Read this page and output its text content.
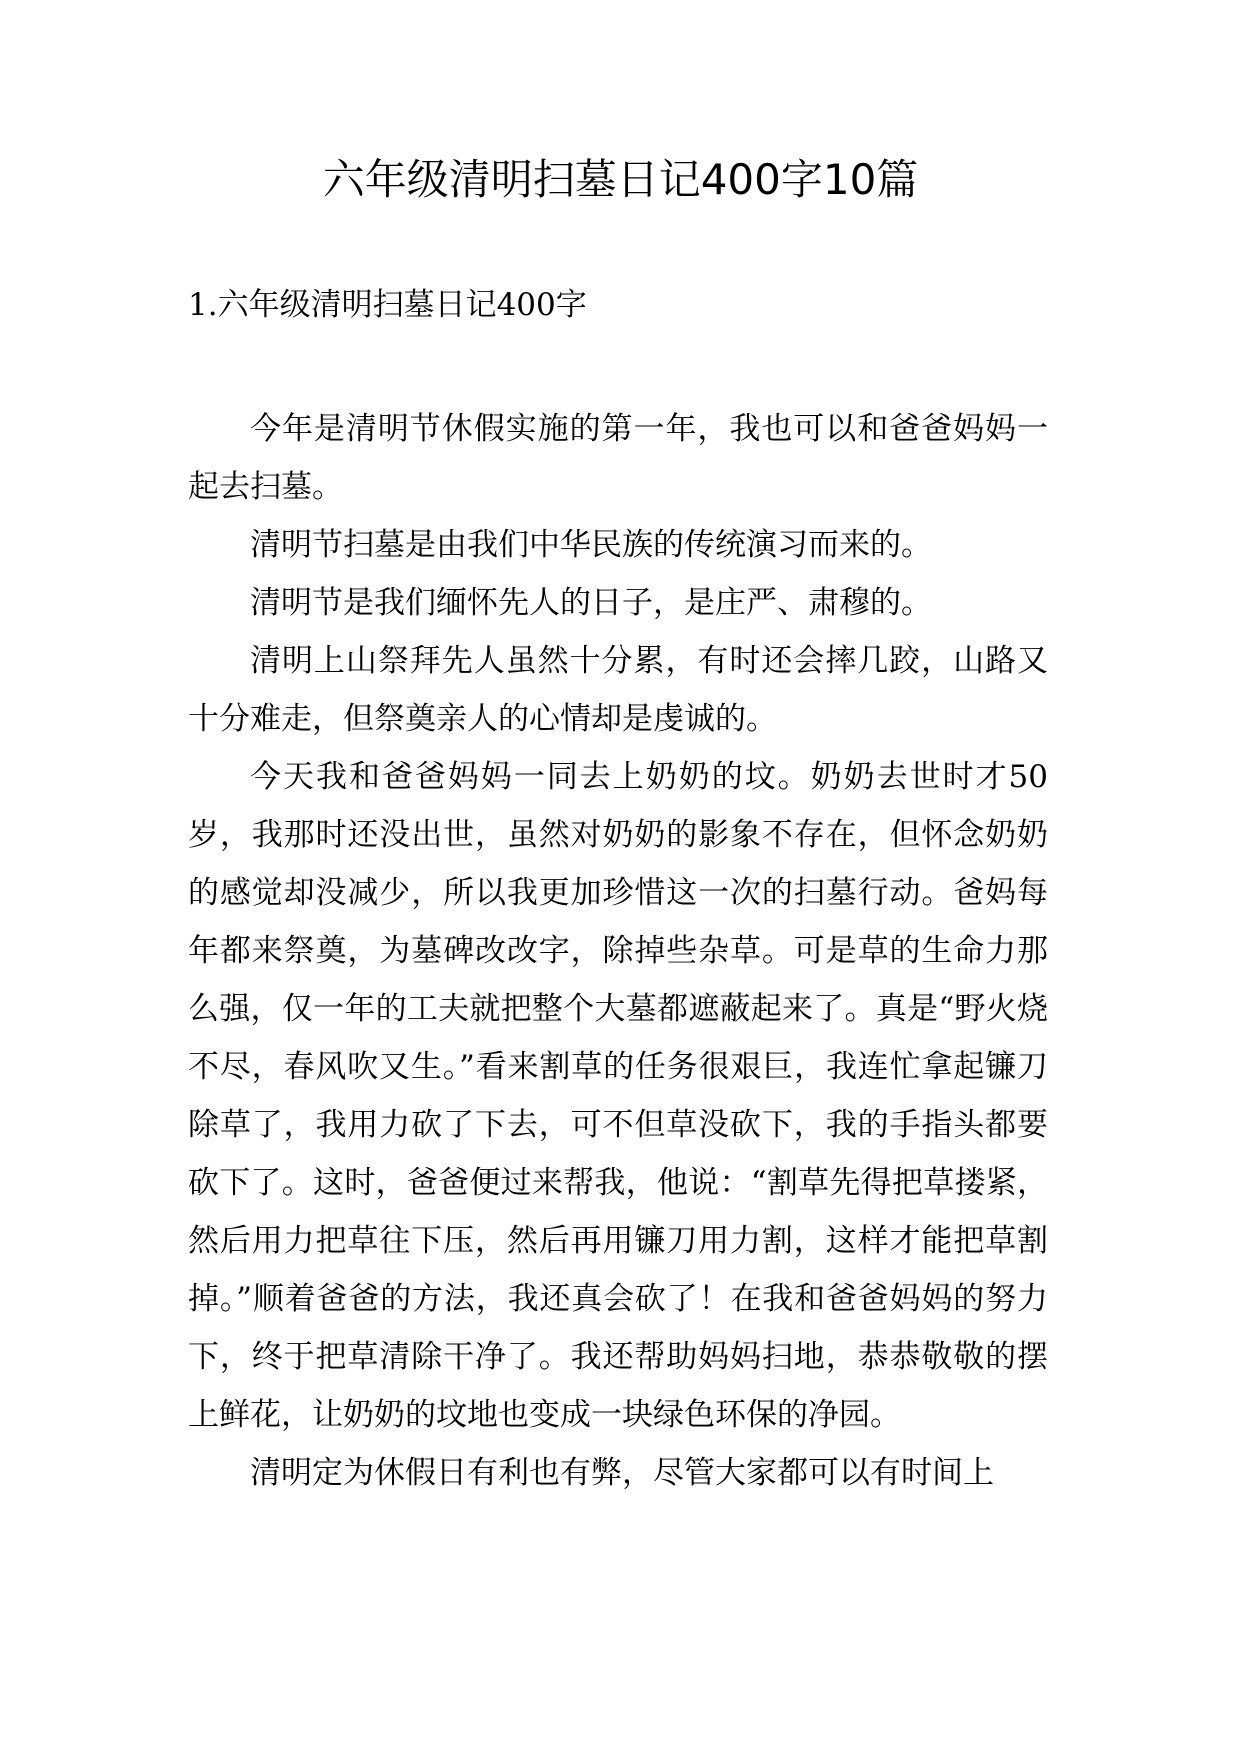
六年级清明扫墓日记400字10篇
1.六年级清明扫墓日记400字

今年是清明节休假实施的第一年，我也可以和爸爸妈妈一起去扫墓。

清明节扫墓是由我们中华民族的传统演习而来的。

清明节是我们缅怀先人的日子，是庄严、肃穆的。

清明上山祭拜先人虽然十分累，有时还会摔几跤，山路又十分难走，但祭奠亲人的心情却是虔诚的。

今天我和爸爸妈妈一同去上奶奶的坟。奶奶去世时才50岁，我那时还没出世，虽然对奶奶的影象不存在，但怀念奶奶的感觉却没减少，所以我更加珍惜这一次的扫墓行动。爸妈每年都来祭奠，为墓碑改改字，除掉些杂草。可是草的生命力那么强，仅一年的工夫就把整个大墓都遮蔽起来了。真是“野火烧不尽，春风吹又生。”看来割草的任务很艰巨，我连忙拿起镰刀除草了，我用力砍了下去，可不但草没砍下，我的手指头都要砍下了。这时，爸爸便过来帮我，他说：“割草先得把草搂紧，然后用力把草往下压，然后再用镰刀用力割，这样才能把草割掉。”顺着爸爸的方法，我还真会砍了！在我和爸爸妈妈的努力下，终于把草清除干净了。我还帮助妈妈扫地，恭恭敬敬的摆上鲜花，让奶奶的坟地也变成一块绿色环保的净园。

清明定为休假日有利也有弊，尽管大家都可以有时间上
